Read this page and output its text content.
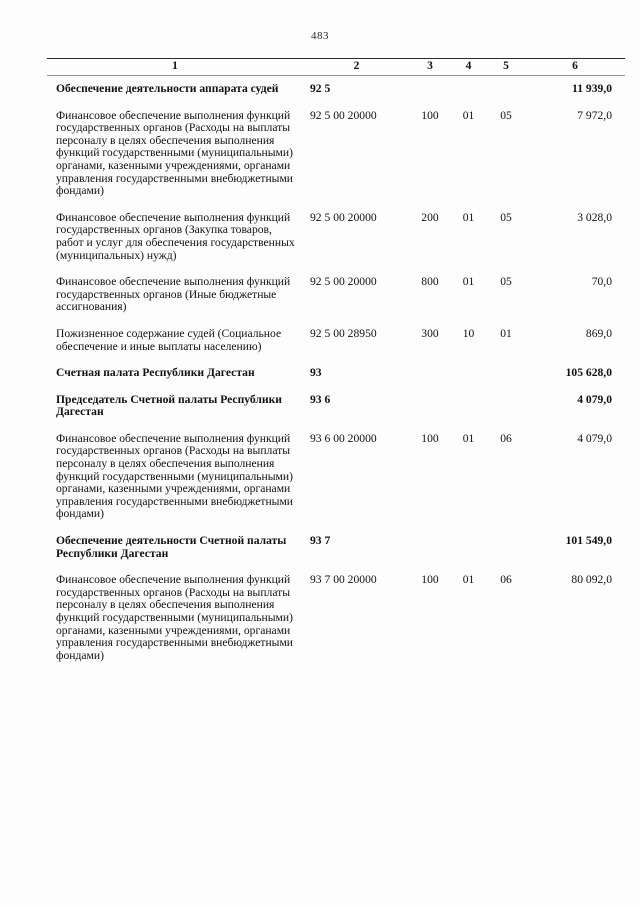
483
1	2	3	4	5	6
Обеспечение деятельности аппарата судей	92 5				11 939,0
Финансовое обеспечение выполнения функций государственных органов (Расходы на выплаты персоналу в целях обеспечения выполнения функций государственными (муниципальными) органами, казенными учреждениями, органами управления государственными внебюджетными фондами)	92 5 00 20000	100	01	05	7 972,0
Финансовое обеспечение выполнения функций государственных органов (Закупка товаров, работ и услуг для обеспечения государственных (муниципальных) нужд)	92 5 00 20000	200	01	05	3 028,0
Финансовое обеспечение выполнения функций государственных органов (Иные бюджетные ассигнования)	92 5 00 20000	800	01	05	70,0
Пожизненное содержание судей (Социальное обеспечение и иные выплаты населению)	92 5 00 28950	300	10	01	869,0
Счетная палата Республики Дагестан	93				105 628,0
Председатель Счетной палаты Республики Дагестан	93 6				4 079,0
Финансовое обеспечение выполнения функций государственных органов (Расходы на выплаты персоналу в целях обеспечения выполнения функций государственными (муниципальными) органами, казенными учреждениями, органами управления государственными внебюджетными фондами)	93 6 00 20000	100	01	06	4 079,0
Обеспечение деятельности Счетной палаты Республики Дагестан	93 7				101 549,0
Финансовое обеспечение выполнения функций государственных органов (Расходы на выплаты персоналу в целях обеспечения выполнения функций государственными (муниципальными) органами, казенными учреждениями, органами управления государственными внебюджетными фондами)	93 7 00 20000	100	01	06	80 092,0
